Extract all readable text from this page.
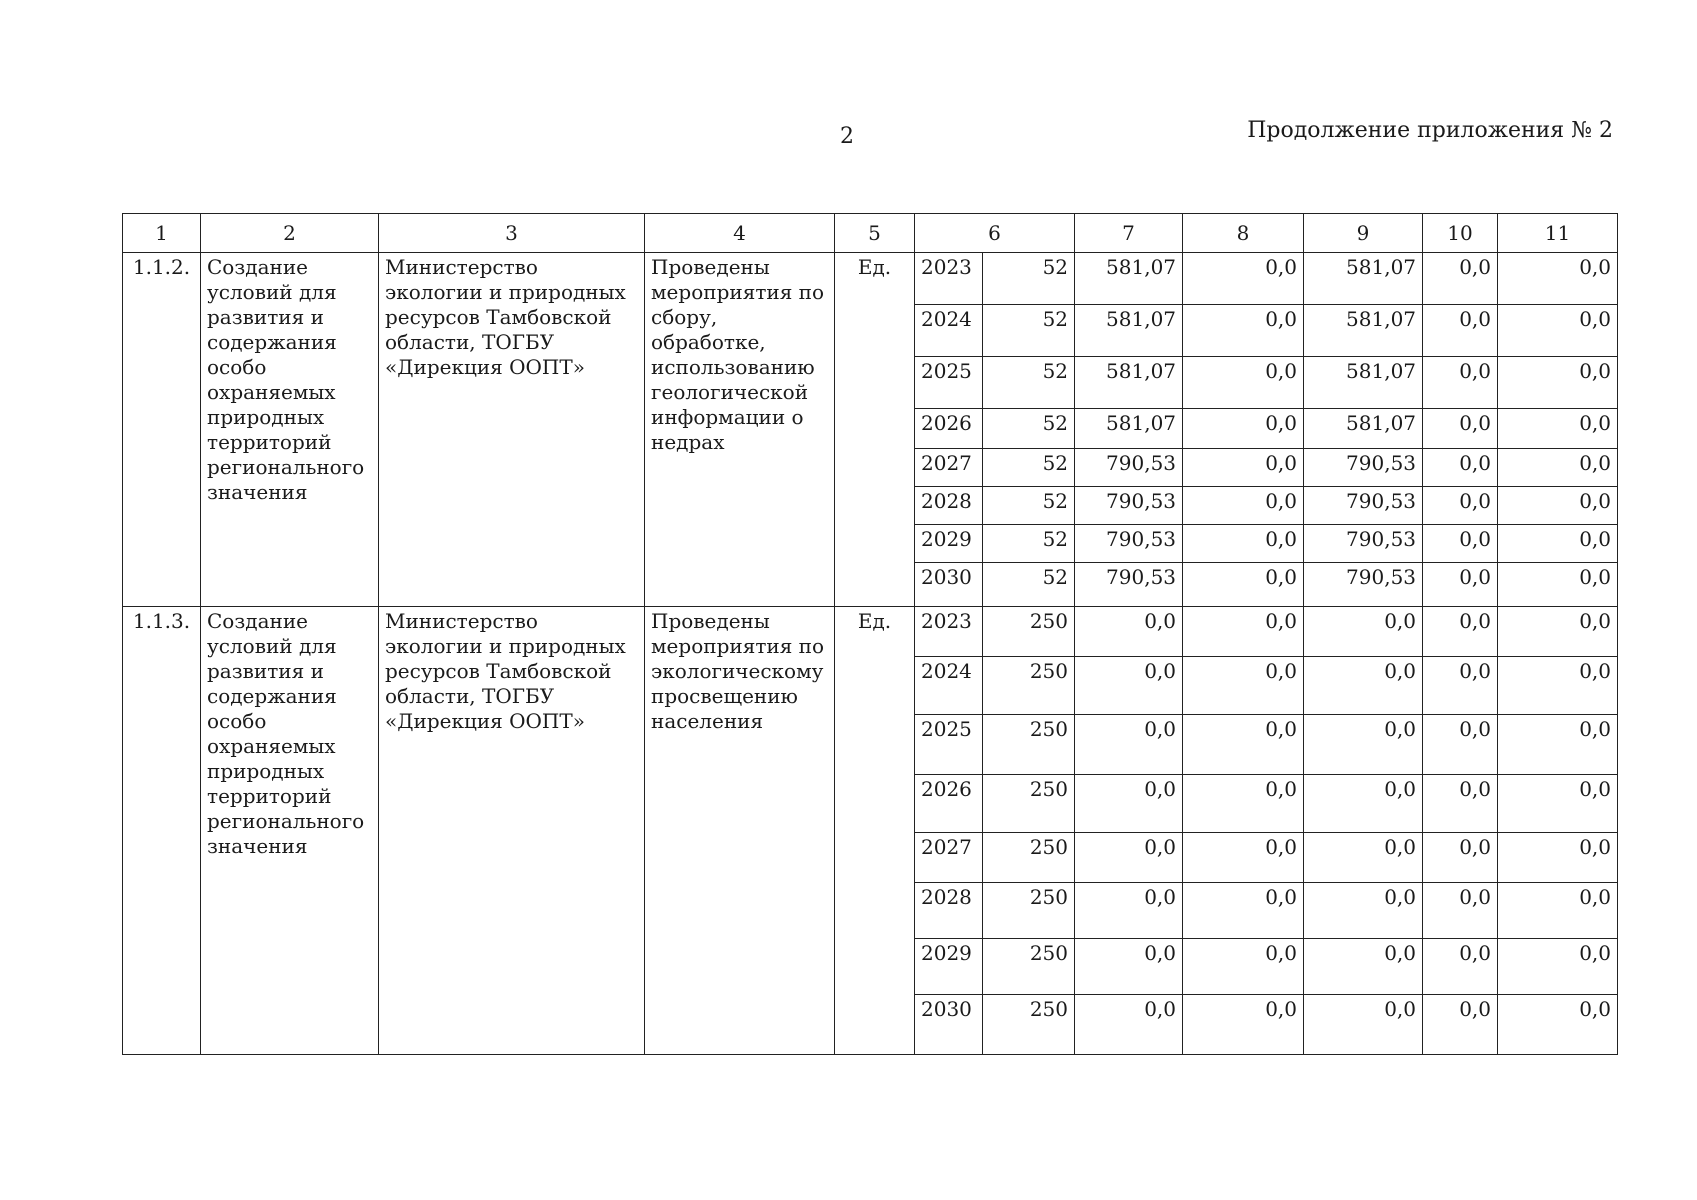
2	Продолжение приложения № 2
1	2	3	4	5	6		7	8	9	10	11
1.1.2.	Создание условий для развития и содержания особо охраняемых природных территорий регионального значения	Министерство экологии и природных ресурсов Тамбовской области, ТОГБУ «Дирекция ООПТ»	Проведены мероприятия по сбору, обработке, использованию геологической информации о недрах	Ед.	2023	52	581,07	0,0	581,07	0,0	0,0
					2024	52	581,07	0,0	581,07	0,0	0,0
					2025	52	581,07	0,0	581,07	0,0	0,0
					2026	52	581,07	0,0	581,07	0,0	0,0
					2027	52	790,53	0,0	790,53	0,0	0,0
					2028	52	790,53	0,0	790,53	0,0	0,0
					2029	52	790,53	0,0	790,53	0,0	0,0
					2030	52	790,53	0,0	790,53	0,0	0,0
1.1.3.	Создание условий для развития и содержания особо охраняемых природных территорий регионального значения	Министерство экологии и природных ресурсов Тамбовской области, ТОГБУ «Дирекция ООПТ»	Проведены мероприятия по экологическому просвещению населения	Ед.	2023	250	0,0	0,0	0,0	0,0	0,0
					2024	250	0,0	0,0	0,0	0,0	0,0
					2025	250	0,0	0,0	0,0	0,0	0,0
					2026	250	0,0	0,0	0,0	0,0	0,0
					2027	250	0,0	0,0	0,0	0,0	0,0
					2028	250	0,0	0,0	0,0	0,0	0,0
					2029	250	0,0	0,0	0,0	0,0	0,0
					2030	250	0,0	0,0	0,0	0,0	0,0
